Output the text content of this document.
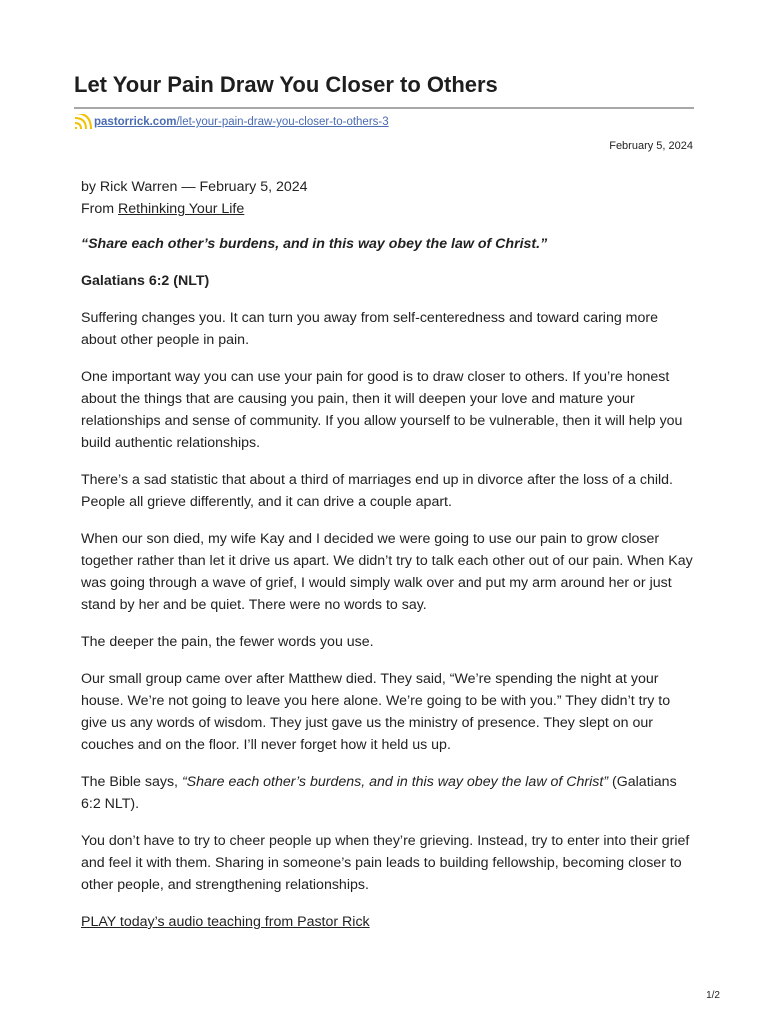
Let Your Pain Draw You Closer to Others
pastorrick.com /let-your-pain-draw-you-closer-to-others-3
February 5, 2024

by Rick Warren — February 5, 2024

From Rethinking Your Life

“Share each other’s burdens, and in this way obey the law of Christ.”

Galatians 6:2 (NLT)

Suffering changes you. It can turn you away from self-centeredness and toward caring more about other people in pain.

One important way you can use your pain for good is to draw closer to others. If you’re honest about the things that are causing you pain, then it will deepen your love and mature your relationships and sense of community. If you allow yourself to be vulnerable, then it will help you build authentic relationships.

There’s a sad statistic that about a third of marriages end up in divorce after the loss of a child. People all grieve differently, and it can drive a couple apart.

When our son died, my wife Kay and I decided we were going to use our pain to grow closer together rather than let it drive us apart. We didn’t try to talk each other out of our pain. When Kay was going through a wave of grief, I would simply walk over and put my arm around her or just stand by her and be quiet. There were no words to say.

The deeper the pain, the fewer words you use.

Our small group came over after Matthew died. They said, “We’re spending the night at your house. We’re not going to leave you here alone. We’re going to be with you.” They didn’t try to give us any words of wisdom. They just gave us the ministry of presence. They slept on our couches and on the floor. I’ll never forget how it held us up.

The Bible says, “Share each other’s burdens, and in this way obey the law of Christ” (Galatians 6:2 NLT).

You don’t have to try to cheer people up when they’re grieving. Instead, try to enter into their grief and feel it with them. Sharing in someone’s pain leads to building fellowship, becoming closer to other people, and strengthening relationships.

PLAY today’s audio teaching from Pastor Rick

1/2
